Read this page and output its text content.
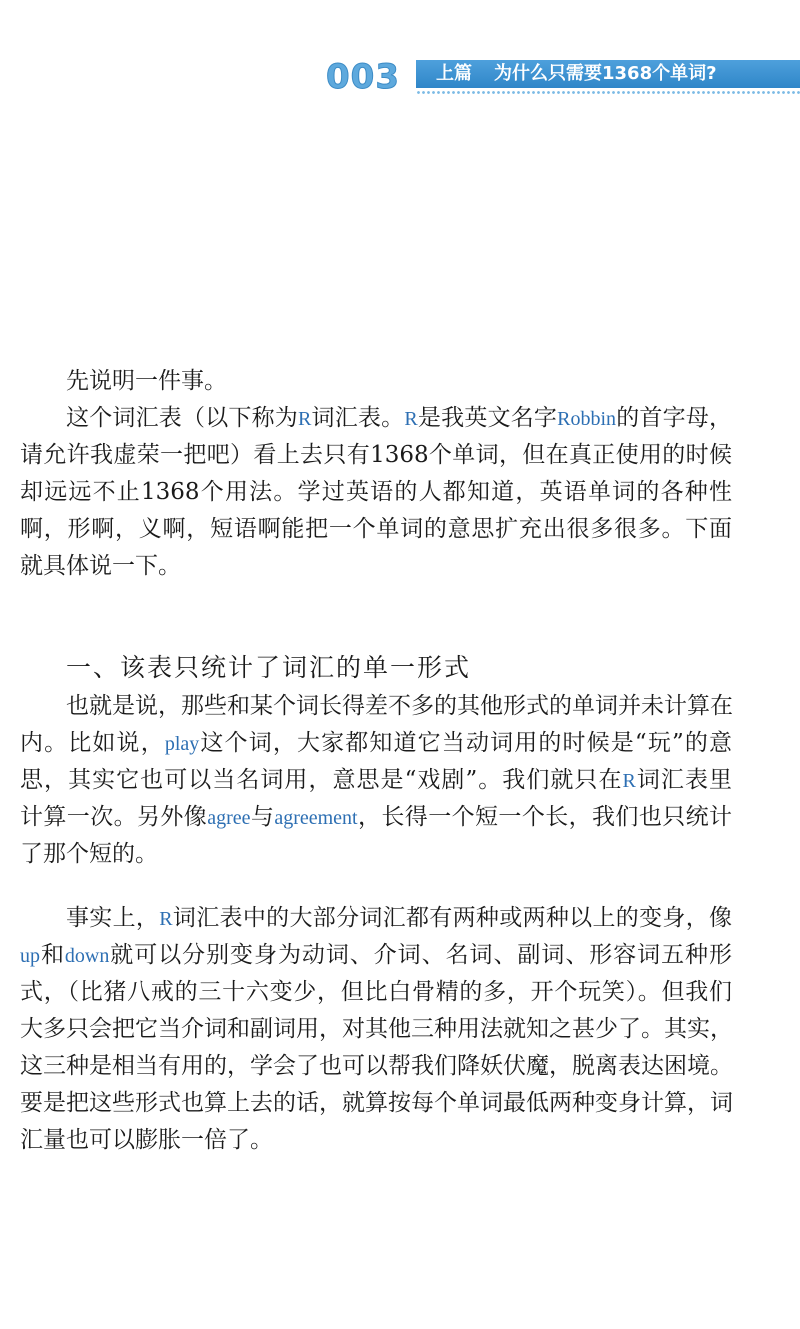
003 上篇 为什么只需要1368个单词?
先说明一件事。
这个词汇表（以下称为R词汇表。R是我英文名字Robbin的首字母，
请允许我虚荣一把吧）看上去只有1368个单词，但在真正使用的时候
却远远不止1368个用法。学过英语的人都知道，英语单词的各种性
啊，形啊，义啊，短语啊能把一个单词的意思扩充出很多很多。下面
就具体说一下。
一、该表只统计了词汇的单一形式
也就是说，那些和某个词长得差不多的其他形式的单词并未计算在
内。比如说，play这个词，大家都知道它当动词用的时候是“玩”的意
思，其实它也可以当名词用，意思是“戏剧”。我们就只在R词汇表里
计算一次。另外像agree与agreement，长得一个短一个长，我们也只统计
了那个短的。
事实上，R词汇表中的大部分词汇都有两种或两种以上的变身，像
up和down就可以分别变身为动词、介词、名词、副词、形容词五种形
式，（比猪八戒的三十六变少，但比白骨精的多，开个玩笑）。但我们
大多只会把它当介词和副词用，对其他三种用法就知之甚少了。其实，
这三种是相当有用的，学会了也可以帮我们降妖伏魔，脱离表达困境。
要是把这些形式也算上去的话，就算按每个单词最低两种变身计算，词
汇量也可以膨胀一倍了。
